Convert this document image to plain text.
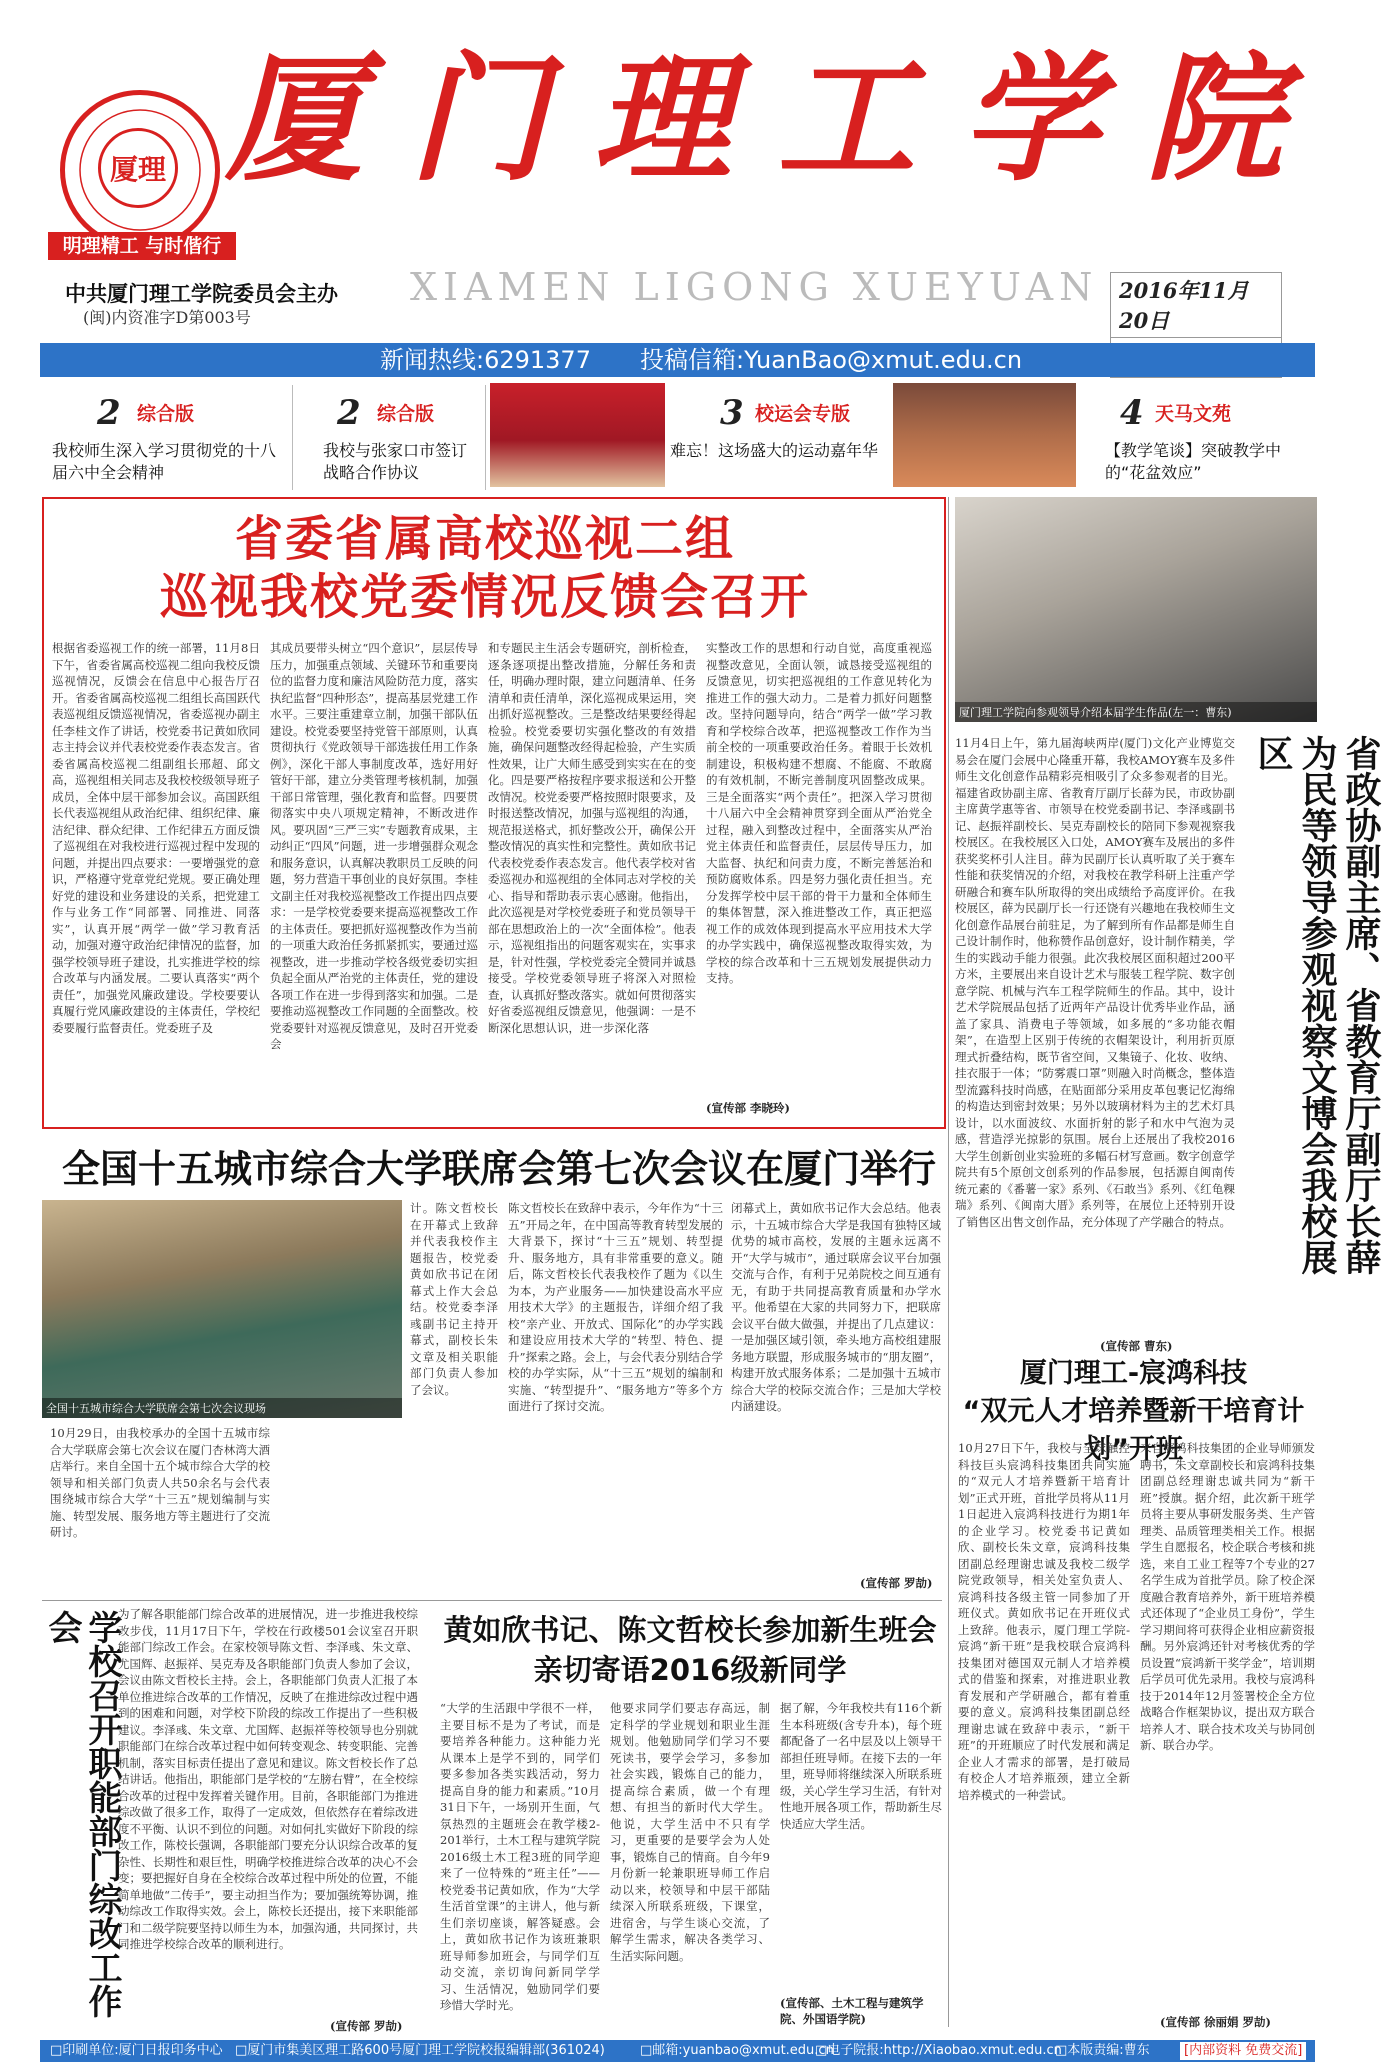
厦理
明理精工 与时偕行
厦门理工学院
中共厦门理工学院委员会主办
(闽)内资准字D第003号
XIAMEN LIGONG XUEYUAN 2016年11月20日
新闻热线:6291377 投稿信箱:YuanBao@xmut.edu.cn
2 综合版
我校师生深入学习贯彻党的十八届六中全会精神
2 综合版
我校与张家口市签订战略合作协议
3 校运会专版
难忘！这场盛大的运动嘉年华
4 天马文苑
【教学笔谈】突破教学中的“花盆效应”
省委省属高校巡视二组
巡视我校党委情况反馈会召开
根据省委巡视工作的统一部署，11月8日下午，省委省属高校巡视二组向我校反馈巡视情况，反馈会在信息中心报告厅召开。省委省属高校巡视二组组长高国跃代表巡视组反馈巡视情况，省委巡视办副主任李桂文作了讲话，校党委书记黄如欣同志主持会议并代表校党委作表态发言。省委省属高校巡视二组副组长邢超、邱文高，巡视组相关同志及我校校级领导班子成员，全体中层干部参加会议。高国跃组长代表巡视组从政治纪律、组织纪律、廉洁纪律、群众纪律、工作纪律五方面反馈了巡视组在对我校进行巡视过程中发现的问题，并提出四点要求：一要增强党的意识，严格遵守党章党纪党规。要正确处理好党的建设和业务建设的关系，把党建工作与业务工作“同部署、同推进、同落实”，认真开展“两学一做”学习教育活动，加强对遵守政治纪律情况的监督，加强学校领导班子建设，扎实推进学校的综合改革与内涵发展。二要认真落实“两个责任”，加强党风廉政建设。学校要要认真履行党风廉政建设的主体责任，学校纪委要履行监督责任。党委班子及
其成员要带头树立“四个意识”，层层传导压力，加强重点领域、关键环节和重要岗位的监督力度和廉洁风险防范力度，落实执纪监督“四种形态”，提高基层党建工作水平。三要注重建章立制，加强干部队伍建设。校党委要坚持党管干部原则，认真贯彻执行《党政领导干部选拔任用工作条例》，深化干部人事制度改革，选好用好管好干部，建立分类管理考核机制，加强干部日常管理，强化教育和监督。四要贯彻落实中央八项规定精神，不断改进作风。要巩固“三严三实”专题教育成果，主动纠正“四风”问题，进一步增强群众观念和服务意识，认真解决教职员工反映的问题，努力营造干事创业的良好氛围。李桂文副主任对我校巡视整改工作提出四点要求：一是学校党委要来提高巡视整改工作的主体责任。要把抓好巡视整改作为当前的一项重大政治任务抓紧抓实，要通过巡视整改，进一步推动学校各级党委切实担负起全面从严治党的主体责任，党的建设各项工作在进一步得到落实和加强。二是要推动巡视整改工作同题的全面整改。校党委要针对巡视反馈意见，及时召开党委会
和专题民主生活会专题研究，剖析检查，逐条逐项提出整改措施，分解任务和责任，明确办理时限，建立问题清单、任务清单和责任清单，深化巡视成果运用，突出抓好巡视整改。三是整改结果要经得起检验。校党委要切实强化整改的有效措施，确保问题整改经得起检验，产生实质性效果，让广大师生感受到实实在在的变化。四是要严格按程序要求报送和公开整改情况。校党委要严格按照时限要求，及时报送整改情况，加强与巡视组的沟通，规范报送格式，抓好整改公开，确保公开整改情况的真实性和完整性。黄如欣书记代表校党委作表态发言。他代表学校对省委巡视办和巡视组的全体同志对学校的关心、指导和帮助表示衷心感谢。他指出，此次巡视是对学校党委班子和党员领导干部在思想政治上的一次“全面体检”。他表示，巡视组指出的问题客观实在，实事求是，针对性强，学校党委完全赞同并诚恳接受。学校党委领导班子将深入对照检查，认真抓好整改落实。就如何贯彻落实好省委巡视组反馈意见，他强调：一是不断深化思想认识，进一步深化落
实整改工作的思想和行动自觉，高度重视巡视整改意见，全面认领，诚恳接受巡视组的反馈意见，切实把巡视组的工作意见转化为推进工作的强大动力。二是着力抓好问题整改。坚持问题导向，结合“两学一做”学习教育和学校综合改革，把巡视整改工作作为当前全校的一项重要政治任务。着眼于长效机制建设，积极构建不想腐、不能腐、不敢腐的有效机制，不断完善制度巩固整改成果。三是全面落实“两个责任”。把深入学习贯彻十八届六中全会精神贯穿到全面从严治党全过程，融入到整改过程中，全面落实从严治党主体责任和监督责任，层层传导压力，加大监督、执纪和问责力度，不断完善惩治和预防腐败体系。四是努力强化责任担当。充分发挥学校中层干部的骨干力量和全体师生的集体智慧，深入推进整改工作，真正把巡视工作的成效体现到提高水平应用技术大学的办学实践中，确保巡视整改取得实效，为学校的综合改革和十三五规划发展提供动力支持。
(宣传部 李晓玲)
厦门理工学院向参观领导介绍本届学生作品(左一：曹东)
省政协副主席、省教育厅副厅长薛为民等领导参观视察文博会我校展区
11月4日上午，第九届海峡两岸(厦门)文化产业博览交易会在厦门会展中心隆重开幕，我校AMOY赛车及多件师生文化创意作品精彩亮相吸引了众多参观者的目光。福建省政协副主席、省教育厅副厅长薛为民，市政协副主席黄学惠等省、市领导在校党委副书记、李泽彧副书记、赵振祥副校长、吴克寿副校长的陪同下参观视察我校展区。在我校展区入口处，AMOY赛车及展出的多件获奖奖杯引人注目。薛为民副厅长认真听取了关于赛车性能和获奖情况的介绍，对我校在教学科研上注重产学研融合和赛车队所取得的突出成绩给予高度评价。在我校展区，薛为民副厅长一行还饶有兴趣地在我校师生文化创意作品展台前驻足，为了解到所有作品都是师生自己设计制作时，他称赞作品创意好，设计制作精美，学生的实践动手能力很强。此次我校展区面积超过200平方米，主要展出来自设计艺术与服装工程学院、数字创意学院、机械与汽车工程学院师生的作品。其中，设计艺术学院展品包括了近两年产品设计优秀毕业作品，涵盖了家具、消费电子等领域，如多展的“多功能衣帽架”，在造型上区别于传统的衣帽架设计，利用折页原理式折叠结构，既节省空间，又集镜子、化妆、收纳、挂衣服于一体；“防雾震口罩”则融入时尚概念，整体造型流露科技时尚感，在贴面部分采用皮革包裹记忆海绵的构造达到密封效果；另外以玻璃材料为主的艺术灯具设计，以水面波纹、水面折射的影子和水中气泡为灵感，营造浮光掠影的氛围。展台上还展出了我校2016大学生创新创业实验班的多幅石材写意画。数字创意学院共有5个原创文创系列的作品参展，包括源自闽南传统元素的《番薯一家》系列、《石敢当》系列、《红龟粿瑞》系列、《闽南大厝》系列等，在展位上还特别开设了销售区出售文创作品，充分体现了产学融合的特点。
(宣传部 曹东)
全国十五城市综合大学联席会第七次会议在厦门举行
全国十五城市综合大学联席会第七次会议现场
计。陈文哲校长在开幕式上致辞并代表我校作主题报告，校党委黄如欣书记在闭幕式上作大会总结。校党委李泽彧副书记主持开幕式，副校长朱文章及相关职能部门负责人参加了会议。
10月29日，由我校承办的全国十五城市综合大学联席会第七次会议在厦门杏林湾大酒店举行。来自全国十五个城市综合大学的校领导和相关部门负责人共50余名与会代表围绕城市综合大学“十三五”规划编制与实施、转型发展、服务地方等主题进行了交流研讨。
陈文哲校长在致辞中表示，今年作为“十三五”开局之年，在中国高等教育转型发展的大背景下，探讨“十三五”规划、转型提升、服务地方，具有非常重要的意义。随后，陈文哲校长代表我校作了题为《以生为本，为产业服务——加快建设高水平应用技术大学》的主题报告，详细介绍了我校“亲产业、开放式、国际化”的办学实践和建设应用技术大学的“转型、特色、提升”探索之路。会上，与会代表分别结合学校的办学实际，从“十三五”规划的编制和实施、“转型提升”、“服务地方”等多个方面进行了探讨交流。
闭幕式上，黄如欣书记作大会总结。他表示，十五城市综合大学是我国有独特区域优势的城市高校，发展的主题永远离不开“大学与城市”，通过联席会议平台加强交流与合作，有利于兄弟院校之间互通有无，有助于共同提高教育质量和办学水平。他希望在大家的共同努力下，把联席会议平台做大做强，并提出了几点建议：一是加强区域引领，牵头地方高校组建服务地方联盟，形成服务城市的“朋友圈”，构建开放式服务体系；二是加强十五城市综合大学的校际交流合作；三是加大学校内涵建设。
厦门理工-宸鸿科技
“双元人才培养暨新干培育计划”开班
10月27日下午，我校与全球触控科技巨头宸鸿科技集团共同实施的“双元人才培养暨新干培育计划”正式开班，首批学员将从11月1日起进入宸鸿科技进行为期1年的企业学习。校党委书记黄如欣、副校长朱文章，宸鸿科技集团副总经理谢忠诚及我校二级学院党政领导，相关处室负责人、宸鸿科技各级主管一同参加了开班仪式。黄如欣书记在开班仪式上致辞。他表示，厦门理工学院-宸鸿“新干班”是我校联合宸鸿科技集团对德国双元制人才培养模式的借鉴和探索，对推进职业教育发展和产学研融合，都有着重要的意义。宸鸿科技集团副总经理谢忠诚在致辞中表示，“新干班”的开班顺应了时代发展和满足企业人才需求的部署，是打破局有校企人才培养瓶颈，建立全新培养模式的一种尝试。
来自宸鸿科技集团的企业导师颁发聘书，朱文章副校长和宸鸿科技集团副总经理谢忠诚共同为“新干班”授旗。据介绍，此次新干班学员将主要从事研发服务类、生产管理类、品质管理类相关工作。根据学生自愿报名，校企联合考核和挑选，来自工业工程等7个专业的27名学生成为首批学员。除了校企深度融合教育培养外，新干班培养模式还体现了“企业员工身份”，学生学习期间将可获得企业相应薪资报酬。另外宸鸿还针对考核优秀的学员设置“宸鸿新干奖学金”，培训期后学员可优先录用。我校与宸鸿科技于2014年12月签署校企全方位战略合作框架协议，提出双方联合培养人才、联合技术攻关与协同创新、联合办学。
(宣传部 徐丽娟 罗劼)
学校召开职能部门综改工作会	为了解各职能部门综合改革的进展情况，进一步推进我校综改步伐，11月17日下午，学校在行政楼501会议室召开职能部门综改工作会。在家校领导陈文哲、李泽彧、朱文章、尤国辉、赵振祥、吴克寿及各职能部门负责人参加了会议，会议由陈文哲校长主持。会上，各职能部门负责人汇报了本单位推进综合改革的工作情况，反映了在推进综改过程中遇到的困难和问题，对学校下阶段的综改工作提出了一些积极建议。李泽彧、朱文章、尤国辉、赵振祥等校领导也分别就职能部门在综合改革过程中如何转变观念、转变职能、完善机制，落实目标责任提出了意见和建议。陈文哲校长作了总结讲话。他指出，职能部门是学校的“左膀右臂”，在全校综合改革的过程中发挥着关键作用。目前，各职能部门为推进综改做了很多工作，取得了一定成效，但依然存在着综改进度不平衡、认识不到位的问题。对如何扎实做好下阶段的综改工作，陈校长强调，各职能部门要充分认识综合改革的复杂性、长期性和艰巨性，明确学校推进综合改革的决心不会变；要把握好自身在全校综合改革过程中所处的位置，不能简单地做“二传手”，要主动担当作为；要加强统筹协调，推动综改工作取得实效。会上，陈校长还提出，接下来职能部门和二级学院要坚持以师生为本，加强沟通，共同探讨，共同推进学校综合改革的顺利进行。
(宣传部 罗劼)
黄如欣书记、陈文哲校长参加新生班会
亲切寄语2016级新同学
“大学的生活跟中学很不一样，主要目标不是为了考试，而是要培养各种能力。这种能力光从课本上是学不到的，同学们要多参加各类实践活动，努力提高自身的能力和素质。”10月31日下午，一场别开生面，气氛热烈的主题班会在教学楼2-201举行，土木工程与建筑学院2016级土木工程3班的同学迎来了一位特殊的“班主任”——校党委书记黄如欣，作为“大学生活首堂课”的主讲人，他与新生们亲切座谈，解答疑惑。会上，黄如欣书记作为该班兼职班导师参加班会，与同学们互动交流，亲切询问新同学学习、生活情况，勉励同学们要珍惜大学时光。
他要求同学们要志存高远，制定科学的学业规划和职业生涯规划。他勉励同学们学习不要死读书，要学会学习，多参加社会实践，锻炼自己的能力，提高综合素质，做一个有理想、有担当的新时代大学生。他说，大学生活中不只有学习，更重要的是要学会为人处事，锻炼自己的情商。自今年9月份新一轮兼职班导师工作启动以来，校领导和中层干部陆续深入所联系班级，下课堂，进宿舍，与学生谈心交流，了解学生需求，解决各类学习、生活实际问题。
据了解，今年我校共有116个新生本科班级(含专升本)，每个班都配备了一名中层及以上领导干部担任班导师。在接下去的一年里，班导师将继续深入所联系班级，关心学生学习生活，有针对性地开展各项工作，帮助新生尽快适应大学生活。
(宣传部、土木工程与建筑学院、外国语学院)
(宣传部 罗劼)
□印刷单位:厦门日报印务中心 □厦门市集美区理工路600号厦门理工学院校报编辑部(361024)	□邮箱:yuanbao@xmut.edu.cn
□电子院报:http://Xiaobao.xmut.edu.cn
□本版责编:曹东	[内部资料 免费交流]
